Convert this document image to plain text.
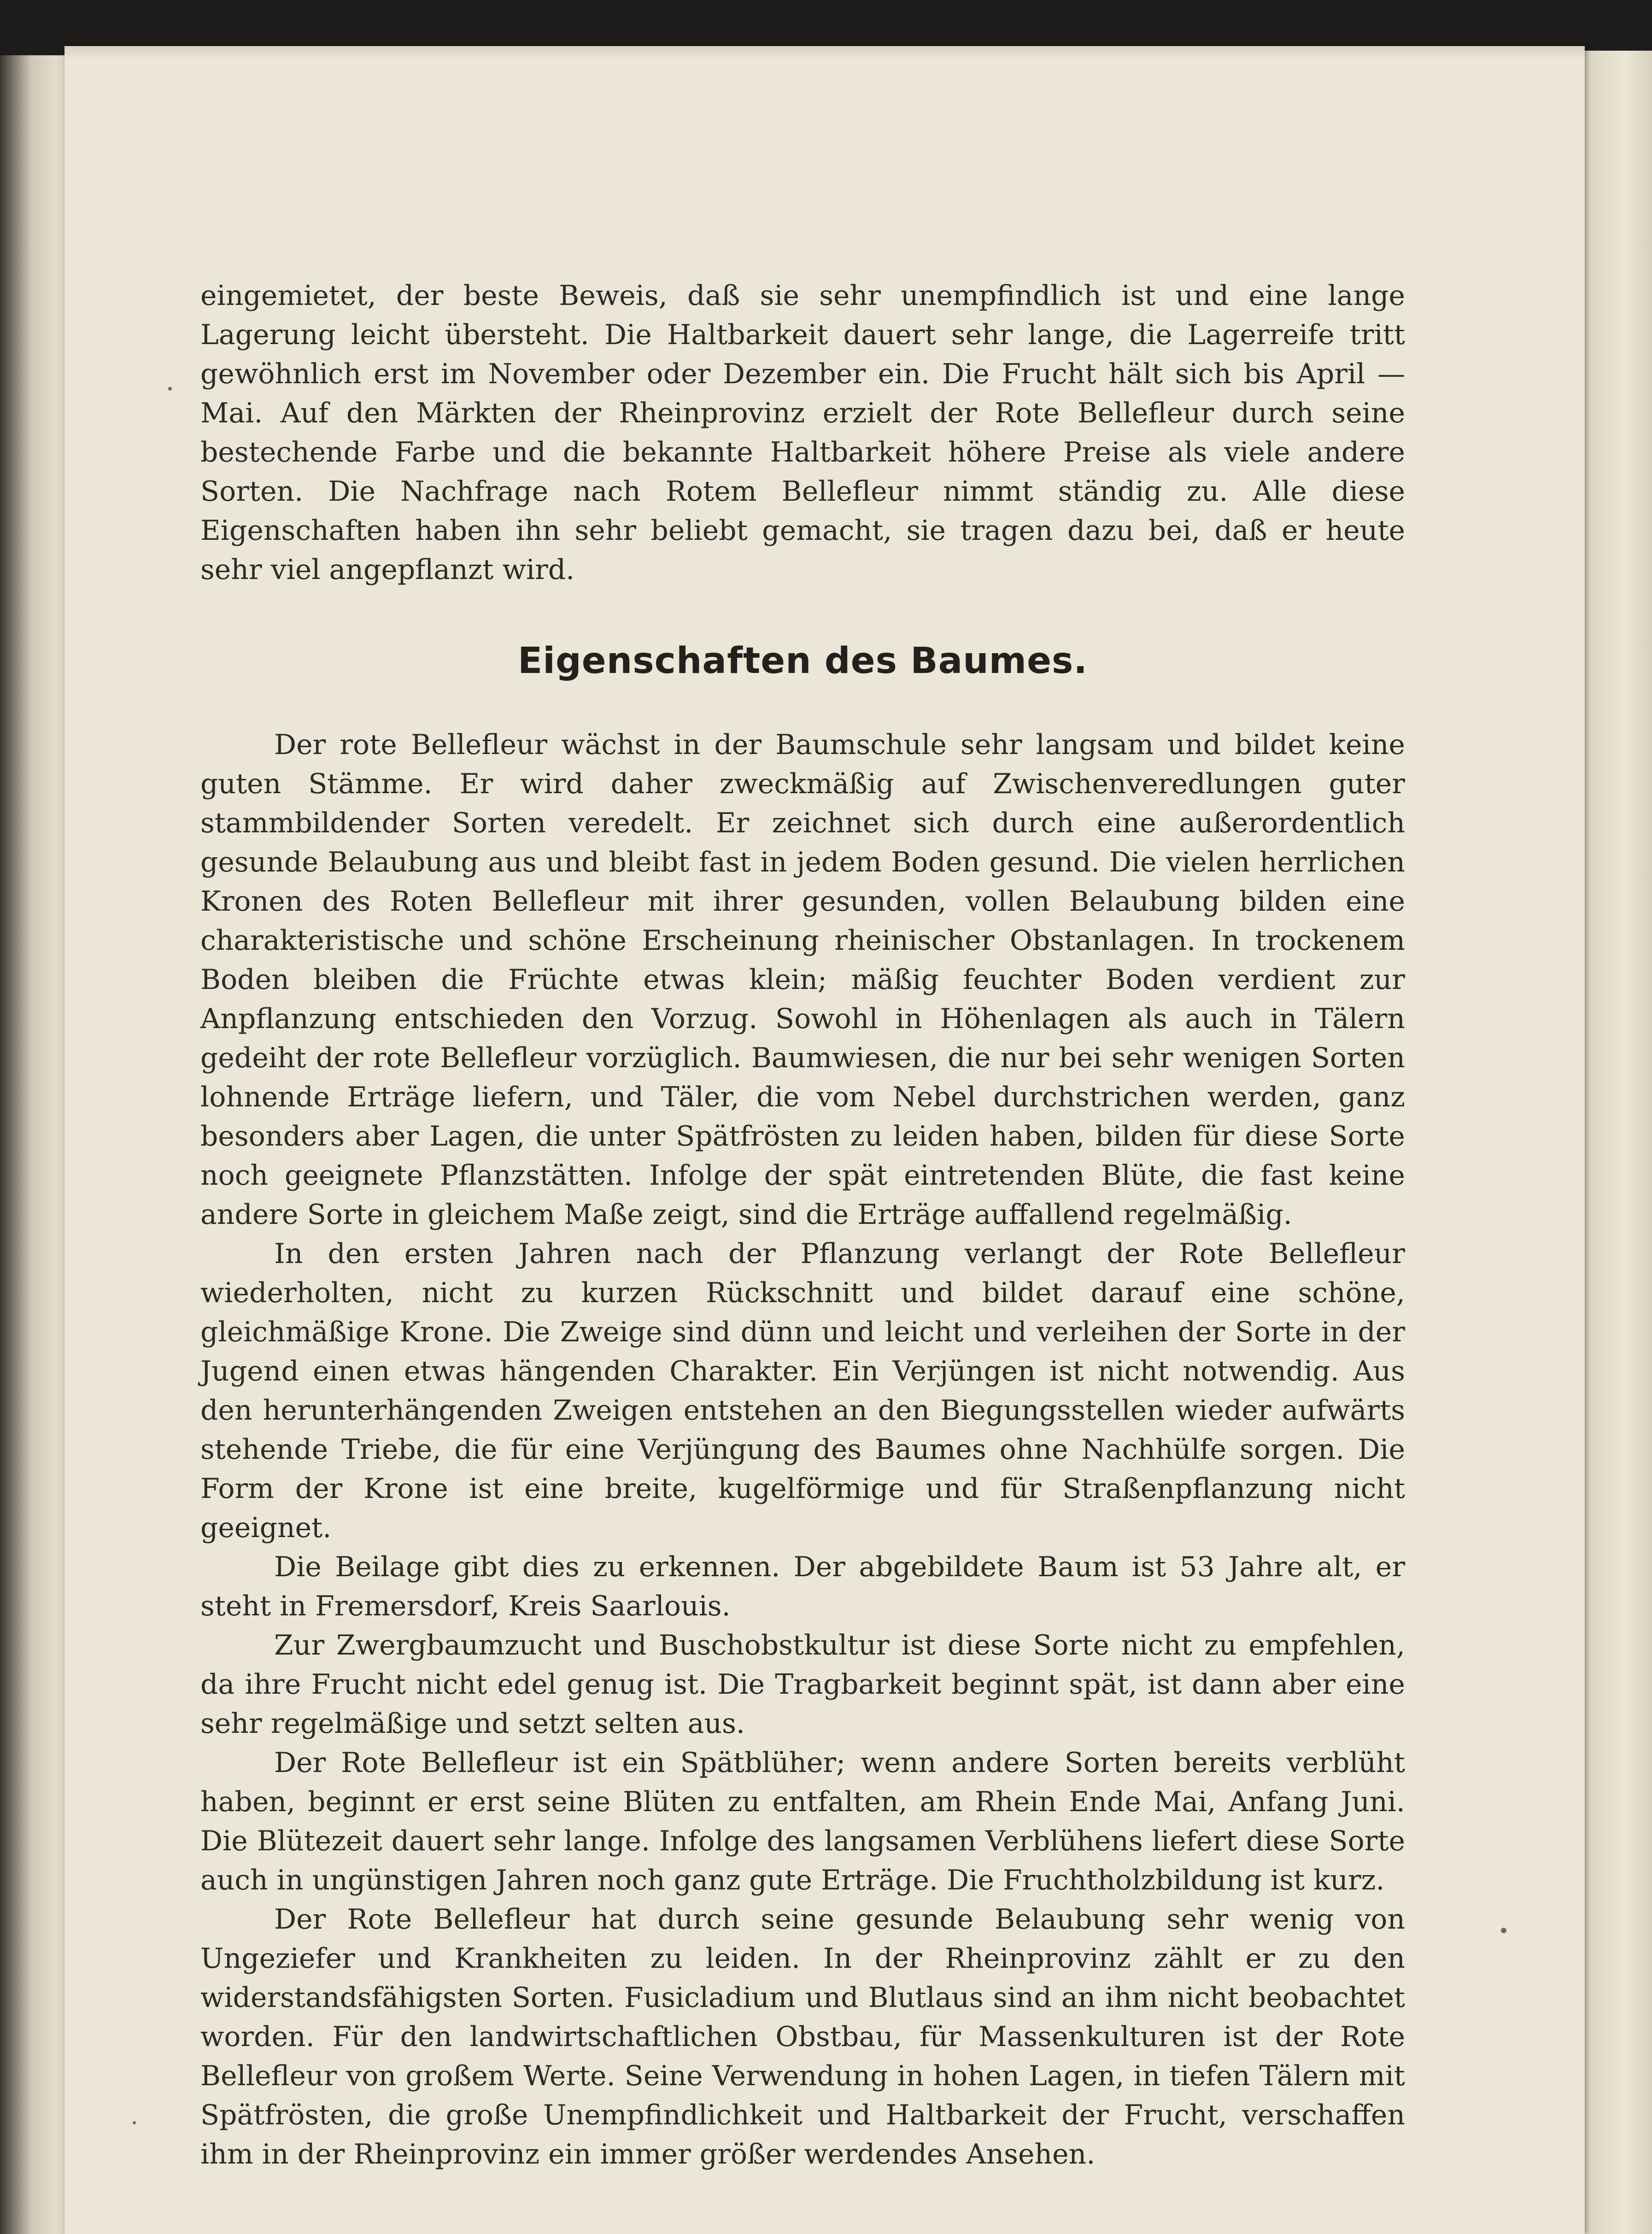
eingemietet, der beste Beweis, daß sie sehr unempfindlich ist und eine lange Lagerung leicht übersteht. Die Haltbarkeit dauert sehr lange, die Lagerreife tritt gewöhnlich erst im November oder Dezember ein. Die Frucht hält sich bis April — Mai. Auf den Märkten der Rheinprovinz erzielt der Rote Bellefleur durch seine bestechende Farbe und die bekannte Haltbarkeit höhere Preise als viele andere Sorten. Die Nachfrage nach Rotem Bellefleur nimmt ständig zu. Alle diese Eigenschaften haben ihn sehr beliebt gemacht, sie tragen dazu bei, daß er heute sehr viel angepflanzt wird.

Eigenschaften des Baumes.

Der rote Bellefleur wächst in der Baumschule sehr langsam und bildet keine guten Stämme. Er wird daher zweckmäßig auf Zwischenveredlungen guter stammbildender Sorten veredelt. Er zeichnet sich durch eine außerordentlich gesunde Belaubung aus und bleibt fast in jedem Boden gesund. Die vielen herrlichen Kronen des Roten Bellefleur mit ihrer gesunden, vollen Belaubung bilden eine charakteristische und schöne Erscheinung rheinischer Obstanlagen. In trockenem Boden bleiben die Früchte etwas klein; mäßig feuchter Boden verdient zur Anpflanzung entschieden den Vorzug. Sowohl in Höhenlagen als auch in Tälern gedeiht der rote Bellefleur vorzüglich. Baumwiesen, die nur bei sehr wenigen Sorten lohnende Erträge liefern, und Täler, die vom Nebel durchstrichen werden, ganz besonders aber Lagen, die unter Spätfrösten zu leiden haben, bilden für diese Sorte noch geeignete Pflanzstätten. Infolge der spät eintretenden Blüte, die fast keine andere Sorte in gleichem Maße zeigt, sind die Erträge auffallend regelmäßig.

In den ersten Jahren nach der Pflanzung verlangt der Rote Bellefleur wiederholten, nicht zu kurzen Rückschnitt und bildet darauf eine schöne, gleichmäßige Krone. Die Zweige sind dünn und leicht und verleihen der Sorte in der Jugend einen etwas hängenden Charakter. Ein Verjüngen ist nicht notwendig. Aus den herunterhängenden Zweigen entstehen an den Biegungsstellen wieder aufwärts stehende Triebe, die für eine Verjüngung des Baumes ohne Nachhülfe sorgen. Die Form der Krone ist eine breite, kugelförmige und für Straßenpflanzung nicht geeignet.

Die Beilage gibt dies zu erkennen. Der abgebildete Baum ist 53 Jahre alt, er steht in Fremersdorf, Kreis Saarlouis.

Zur Zwergbaumzucht und Buschobstkultur ist diese Sorte nicht zu empfehlen, da ihre Frucht nicht edel genug ist. Die Tragbarkeit beginnt spät, ist dann aber eine sehr regelmäßige und setzt selten aus.

Der Rote Bellefleur ist ein Spätblüher; wenn andere Sorten bereits verblüht haben, beginnt er erst seine Blüten zu entfalten, am Rhein Ende Mai, Anfang Juni. Die Blütezeit dauert sehr lange. Infolge des langsamen Verblühens liefert diese Sorte auch in ungünstigen Jahren noch ganz gute Erträge. Die Fruchtholzbildung ist kurz.

Der Rote Bellefleur hat durch seine gesunde Belaubung sehr wenig von Ungeziefer und Krankheiten zu leiden. In der Rheinprovinz zählt er zu den widerstandsfähigsten Sorten. Fusicladium und Blutlaus sind an ihm nicht beobachtet worden. Für den landwirtschaftlichen Obstbau, für Massenkulturen ist der Rote Bellefleur von großem Werte. Seine Verwendung in hohen Lagen, in tiefen Tälern mit Spätfrösten, die große Unempfindlichkeit und Haltbarkeit der Frucht, verschaffen ihm in der Rheinprovinz ein immer größer werdendes Ansehen.
